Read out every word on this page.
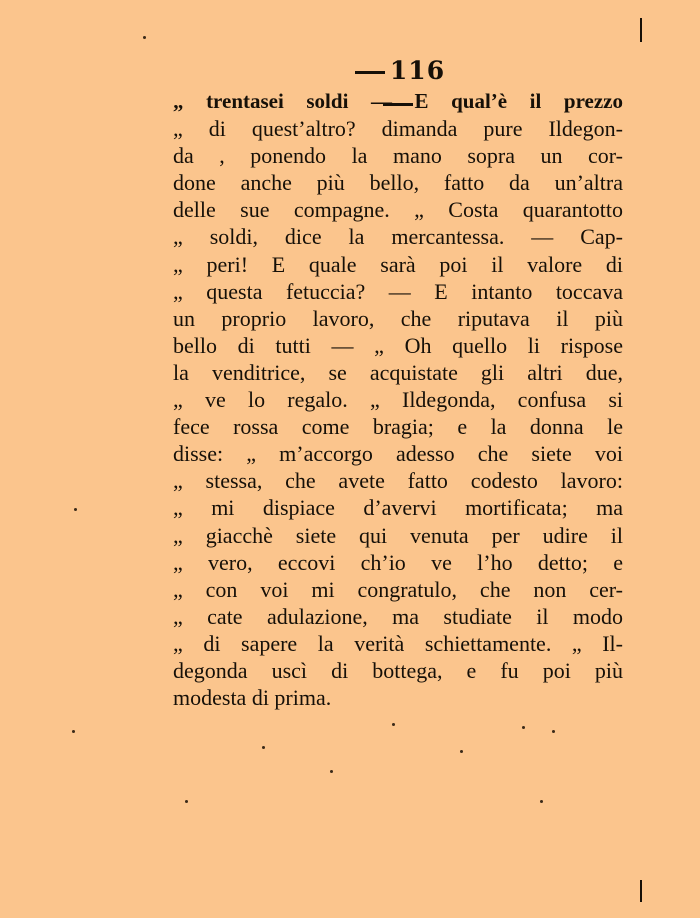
116
„ trentasei soldi — E qual’è il prezzo
„ di quest’altro? dimanda pure Ildegon-
da , ponendo la mano sopra un cor-
done anche più bello, fatto da un’altra
delle sue compagne. „ Costa quarantotto
„ soldi, dice la mercantessa. — Cap-
„ peri! E quale sarà poi il valore di
„ questa fetuccia? — E intanto toccava
un proprio lavoro, che riputava il più
bello di tutti — „ Oh quello li rispose
la venditrice, se acquistate gli altri due,
„ ve lo regalo. „ Ildegonda, confusa si
fece rossa come bragia; e la donna le
disse: „ m’accorgo adesso che siete voi
„ stessa, che avete fatto codesto lavoro:
„ mi dispiace d’avervi mortificata; ma
„ giacchè siete qui venuta per udire il
„ vero, eccovi ch’io ve l’ho detto; e
„ con voi mi congratulo, che non cer-
„ cate adulazione, ma studiate il modo
„ di sapere la verità schiettamente. „ Il-
degonda uscì di bottega, e fu poi più
modesta di prima.
